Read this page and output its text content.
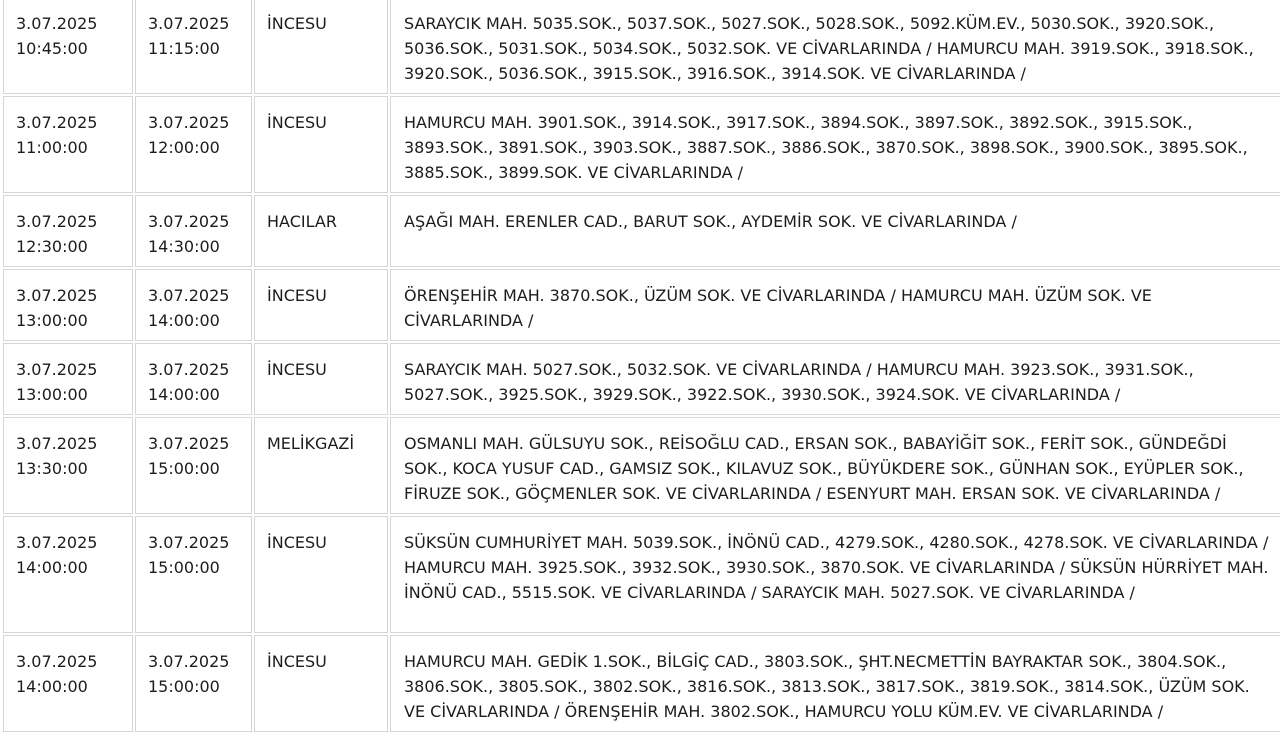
3.07.2025
10:45:00	3.07.2025
11:15:00	İNCESU	SARAYCIK MAH. 5035.SOK., 5037.SOK., 5027.SOK., 5028.SOK., 5092.KÜM.EV., 5030.SOK., 3920.SOK., 5036.SOK., 5031.SOK., 5034.SOK., 5032.SOK. VE CİVARLARINDA / HAMURCU MAH. 3919.SOK., 3918.SOK., 3920.SOK., 5036.SOK., 3915.SOK., 3916.SOK., 3914.SOK. VE CİVARLARINDA /

3.07.2025
11:00:00	3.07.2025
12:00:00	İNCESU	HAMURCU MAH. 3901.SOK., 3914.SOK., 3917.SOK., 3894.SOK., 3897.SOK., 3892.SOK., 3915.SOK., 3893.SOK., 3891.SOK., 3903.SOK., 3887.SOK., 3886.SOK., 3870.SOK., 3898.SOK., 3900.SOK., 3895.SOK., 3885.SOK., 3899.SOK. VE CİVARLARINDA /

3.07.2025
12:30:00	3.07.2025
14:30:00	HACILAR	AŞAĞI MAH. ERENLER CAD., BARUT SOK., AYDEMİR SOK. VE CİVARLARINDA /

3.07.2025
13:00:00	3.07.2025
14:00:00	İNCESU	ÖRENŞEHİR MAH. 3870.SOK., ÜZÜM SOK. VE CİVARLARINDA / HAMURCU MAH. ÜZÜM SOK. VE CİVARLARINDA /

3.07.2025
13:00:00	3.07.2025
14:00:00	İNCESU	SARAYCIK MAH. 5027.SOK., 5032.SOK. VE CİVARLARINDA / HAMURCU MAH. 3923.SOK., 3931.SOK., 5027.SOK., 3925.SOK., 3929.SOK., 3922.SOK., 3930.SOK., 3924.SOK. VE CİVARLARINDA /

3.07.2025
13:30:00	3.07.2025
15:00:00	MELİKGAZİ	OSMANLI MAH. GÜLSUYU SOK., REİSOĞLU CAD., ERSAN SOK., BABAYİĞİT SOK., FERİT SOK., GÜNDEĞDİ SOK., KOCA YUSUF CAD., GAMSIZ SOK., KILAVUZ SOK., BÜYÜKDERE SOK., GÜNHAN SOK., EYÜPLER SOK., FİRUZE SOK., GÖÇMENLER SOK. VE CİVARLARINDA / ESENYURT MAH. ERSAN SOK. VE CİVARLARINDA /

3.07.2025
14:00:00	3.07.2025
15:00:00	İNCESU	SÜKSÜN CUMHURİYET MAH. 5039.SOK., İNÖNÜ CAD., 4279.SOK., 4280.SOK., 4278.SOK. VE CİVARLARINDA / HAMURCU MAH. 3925.SOK., 3932.SOK., 3930.SOK., 3870.SOK. VE CİVARLARINDA / SÜKSÜN HÜRRİYET MAH. İNÖNÜ CAD., 5515.SOK. VE CİVARLARINDA / SARAYCIK MAH. 5027.SOK. VE CİVARLARINDA /

3.07.2025
14:00:00	3.07.2025
15:00:00	İNCESU	HAMURCU MAH. GEDİK 1.SOK., BİLGİÇ CAD., 3803.SOK., ŞHT.NECMETTİN BAYRAKTAR SOK., 3804.SOK., 3806.SOK., 3805.SOK., 3802.SOK., 3816.SOK., 3813.SOK., 3817.SOK., 3819.SOK., 3814.SOK., ÜZÜM SOK. VE CİVARLARINDA / ÖRENŞEHİR MAH. 3802.SOK., HAMURCU YOLU KÜM.EV. VE CİVARLARINDA /
